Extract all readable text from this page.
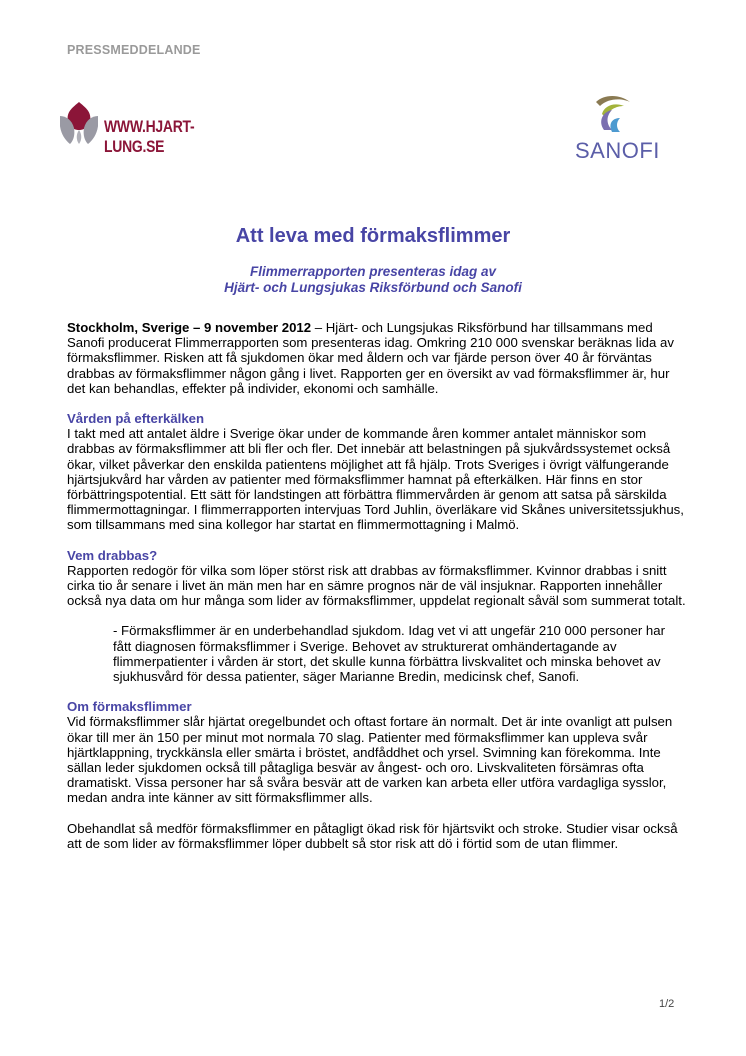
PRESSMEDDELANDE
WWW.HJART-LUNG.SE	SANOFI
Att leva med förmaksflimmer
Flimmerrapporten presenteras idag av
Hjärt- och Lungsjukas Riksförbund och Sanofi

Stockholm, Sverige – 9 november 2012 – Hjärt- och Lungsjukas Riksförbund har tillsammans med Sanofi producerat Flimmerrapporten som presenteras idag. Omkring 210 000 svenskar beräknas lida av förmaksflimmer. Risken att få sjukdomen ökar med åldern och var fjärde person över 40 år förväntas drabbas av förmaksflimmer någon gång i livet. Rapporten ger en översikt av vad förmaksflimmer är, hur det kan behandlas, effekter på individer, ekonomi och samhälle.

Vården på efterkälken

I takt med att antalet äldre i Sverige ökar under de kommande åren kommer antalet människor som drabbas av förmaksflimmer att bli fler och fler. Det innebär att belastningen på sjukvårdssystemet också ökar, vilket påverkar den enskilda patientens möjlighet att få hjälp. Trots Sveriges i övrigt välfungerande hjärtsjukvård har vården av patienter med förmaksflimmer hamnat på efterkälken. Här finns en stor förbättringspotential. Ett sätt för landstingen att förbättra flimmervården är genom att satsa på särskilda flimmermottagningar. I flimmerrapporten intervjuas Tord Juhlin, överläkare vid Skånes universitetssjukhus, som tillsammans med sina kollegor har startat en flimmermottagning i Malmö.

Vem drabbas?

Rapporten redogör för vilka som löper störst risk att drabbas av förmaksflimmer. Kvinnor drabbas i snitt cirka tio år senare i livet än män men har en sämre prognos när de väl insjuknar. Rapporten innehåller också nya data om hur många som lider av förmaksflimmer, uppdelat regionalt såväl som summerat totalt.

- Förmaksflimmer är en underbehandlad sjukdom. Idag vet vi att ungefär 210 000 personer har fått diagnosen förmaksflimmer i Sverige. Behovet av strukturerat omhändertagande av flimmerpatienter i vården är stort, det skulle kunna förbättra livskvalitet och minska behovet av sjukhusvård för dessa patienter, säger Marianne Bredin, medicinsk chef, Sanofi.

Om förmaksflimmer

Vid förmaksflimmer slår hjärtat oregelbundet och oftast fortare än normalt. Det är inte ovanligt att pulsen ökar till mer än 150 per minut mot normala 70 slag. Patienter med förmaksflimmer kan uppleva svår hjärtklappning, tryckkänsla eller smärta i bröstet, andfåddhet och yrsel. Svimning kan förekomma. Inte sällan leder sjukdomen också till påtagliga besvär av ångest- och oro. Livskvaliteten försämras ofta dramatiskt. Vissa personer har så svåra besvär att de varken kan arbeta eller utföra vardagliga sysslor, medan andra inte känner av sitt förmaksflimmer alls.

Obehandlat så medför förmaksflimmer en påtagligt ökad risk för hjärtsvikt och stroke. Studier visar också att de som lider av förmaksflimmer löper dubbelt så stor risk att dö i förtid som de utan flimmer.

1/2
